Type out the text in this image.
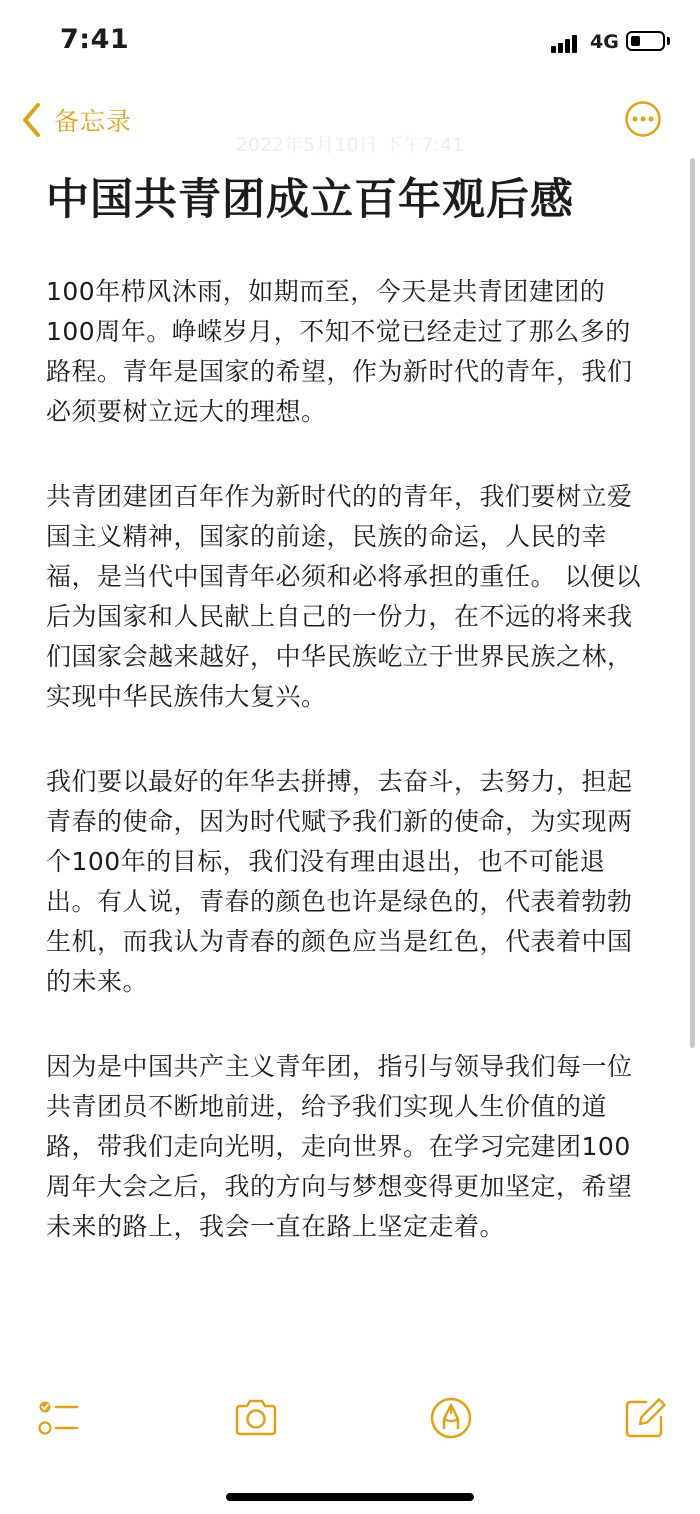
7:41	4G
备忘录
2022年5月10日 下午7:41
中国共青团成立百年观后感

100年栉风沐雨，如期而至，今天是共青团建团的100周年。峥嵘岁月，不知不觉已经走过了那么多的路程。青年是国家的希望，作为新时代的青年，我们必须要树立远大的理想。

共青团建团百年作为新时代的的青年，我们要树立爱国主义精神，国家的前途，民族的命运，人民的幸福，是当代中国青年必须和必将承担的重任。 以便以后为国家和人民献上自己的一份力，在不远的将来我们国家会越来越好，中华民族屹立于世界民族之林，实现中华民族伟大复兴。

我们要以最好的年华去拼搏，去奋斗，去努力，担起青春的使命，因为时代赋予我们新的使命，为实现两个100年的目标，我们没有理由退出，也不可能退出。有人说，青春的颜色也许是绿色的，代表着勃勃生机，而我认为青春的颜色应当是红色，代表着中国的未来。

因为是中国共产主义青年团，指引与领导我们每一位共青团员不断地前进，给予我们实现人生价值的道路，带我们走向光明，走向世界。在学习完建团100周年大会之后，我的方向与梦想变得更加坚定，希望未来的路上，我会一直在路上坚定走着。
